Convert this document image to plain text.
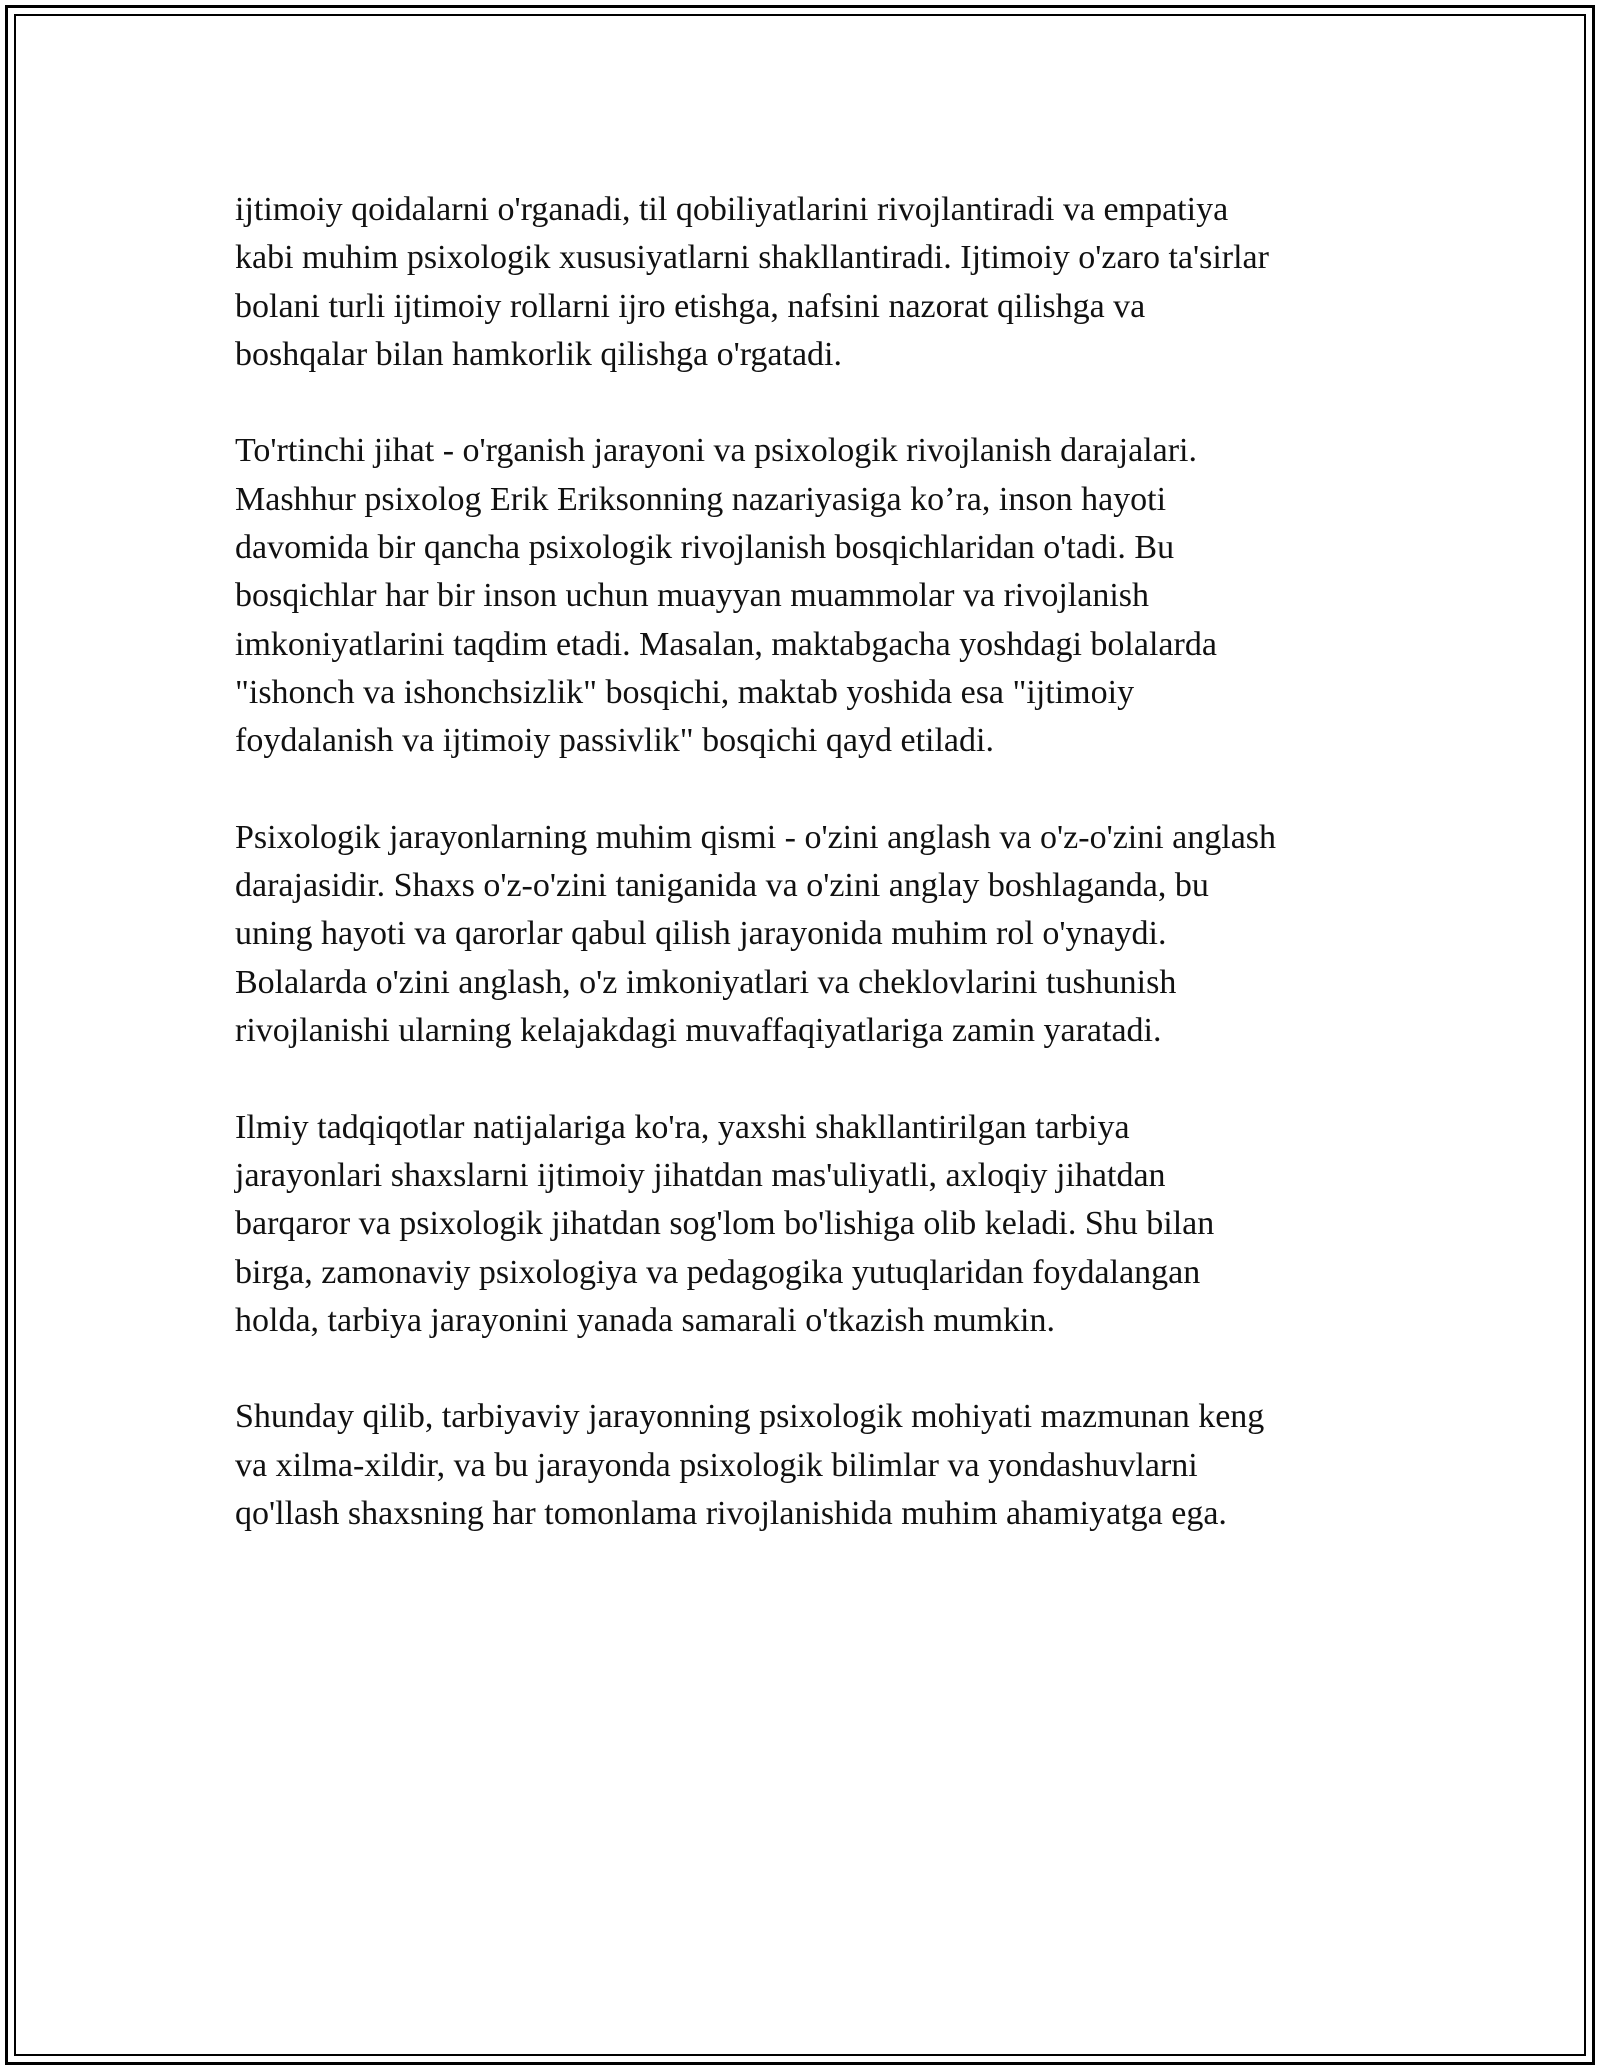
ijtimoiy qoidalarni o'rganadi, til qobiliyatlarini rivojlantiradi va empatiya
kabi muhim psixologik xususiyatlarni shakllantiradi. Ijtimoiy o'zaro ta'sirlar
bolani turli ijtimoiy rollarni ijro etishga, nafsini nazorat qilishga va
boshqalar bilan hamkorlik qilishga o'rgatadi.

To'rtinchi jihat - o'rganish jarayoni va psixologik rivojlanish darajalari.
Mashhur psixolog Erik Eriksonning nazariyasiga ko’ra, inson hayoti
davomida bir qancha psixologik rivojlanish bosqichlaridan o'tadi. Bu
bosqichlar har bir inson uchun muayyan muammolar va rivojlanish
imkoniyatlarini taqdim etadi. Masalan, maktabgacha yoshdagi bolalarda
"ishonch va ishonchsizlik" bosqichi, maktab yoshida esa "ijtimoiy
foydalanish va ijtimoiy passivlik" bosqichi qayd etiladi.

Psixologik jarayonlarning muhim qismi - o'zini anglash va o'z-o'zini anglash
darajasidir. Shaxs o'z-o'zini taniganida va o'zini anglay boshlaganda, bu
uning hayoti va qarorlar qabul qilish jarayonida muhim rol o'ynaydi.
Bolalarda o'zini anglash, o'z imkoniyatlari va cheklovlarini tushunish
rivojlanishi ularning kelajakdagi muvaffaqiyatlariga zamin yaratadi.

Ilmiy tadqiqotlar natijalariga ko'ra, yaxshi shakllantirilgan tarbiya
jarayonlari shaxslarni ijtimoiy jihatdan mas'uliyatli, axloqiy jihatdan
barqaror va psixologik jihatdan sog'lom bo'lishiga olib keladi. Shu bilan
birga, zamonaviy psixologiya va pedagogika yutuqlaridan foydalangan
holda, tarbiya jarayonini yanada samarali o'tkazish mumkin.

Shunday qilib, tarbiyaviy jarayonning psixologik mohiyati mazmunan keng
va xilma-xildir, va bu jarayonda psixologik bilimlar va yondashuvlarni
qo'llash shaxsning har tomonlama rivojlanishida muhim ahamiyatga ega.
